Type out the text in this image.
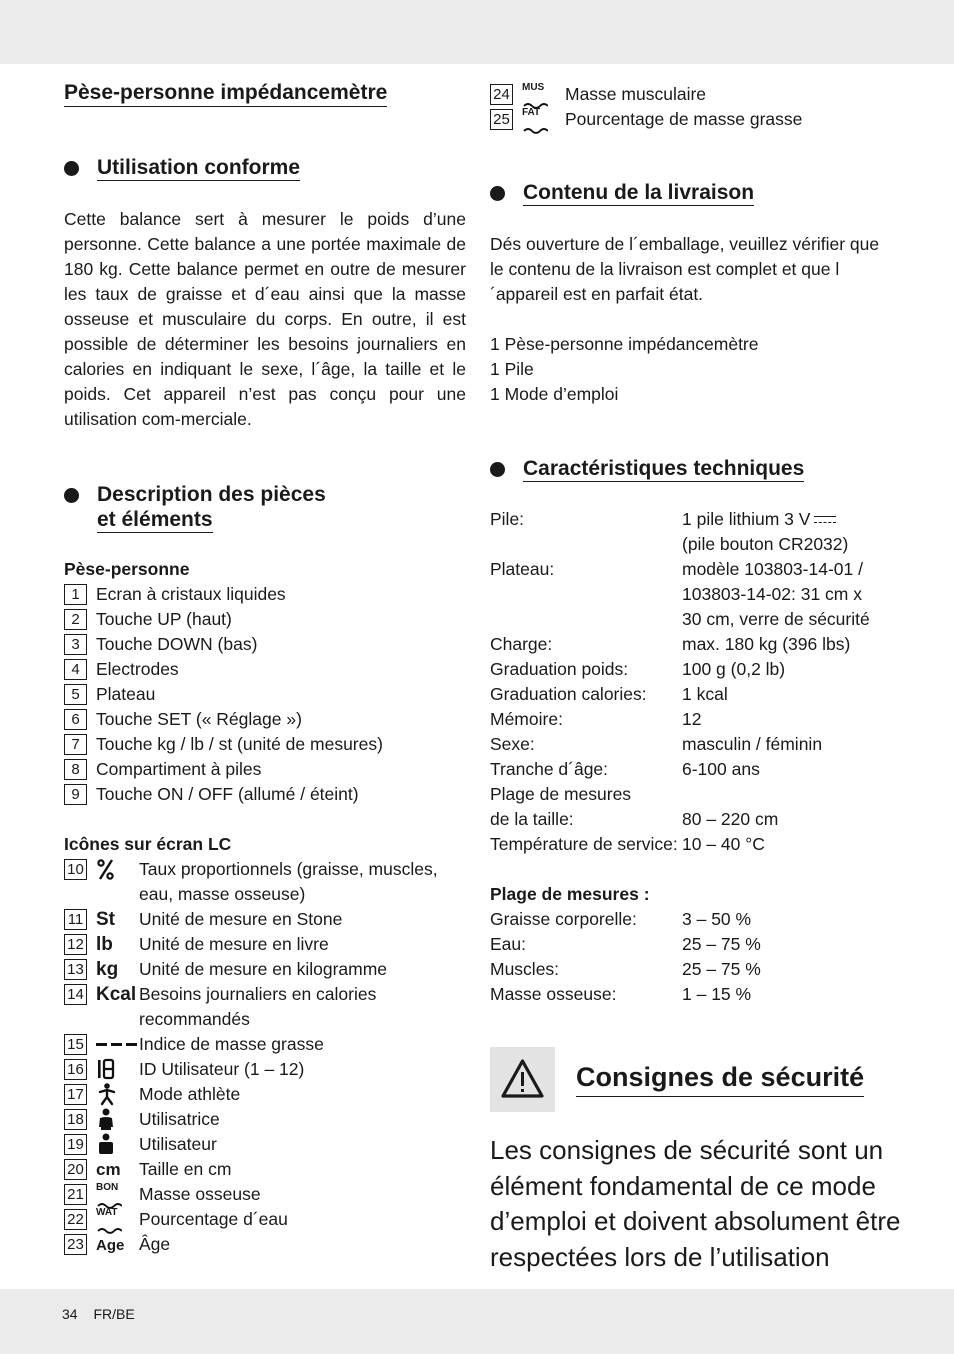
Pèse-personne impédancemètre
Utilisation conforme

Cette balance sert à mesurer le poids d’une personne. Cette balance a une portée maximale de 180 kg. Cette balance permet en outre de mesurer les taux de graisse et d´eau ainsi que la masse osseuse et musculaire du corps. En outre, il est possible de déterminer les besoins journaliers en calories en indiquant le sexe, l´âge, la taille et le poids. Cet appareil n’est pas conçu pour une utilisation com-merciale.

Description des pièces
et éléments
Pèse-personne
1 Ecran à cristaux liquides
2 Touche UP (haut)
3 Touche DOWN (bas)
4 Electrodes
5 Plateau
6 Touche SET (« Réglage »)
7 Touche kg / lb / st (unité de mesures)
8 Compartiment à piles
9 Touche ON / OFF (allumé / éteint)
Icônes sur écran LC
10	Taux proportionnels (graisse, muscles, eau, masse osseuse)
11 St	Unité de mesure en Stone
12 lb	Unité de mesure en livre
13 kg	Unité de mesure en kilogramme
14 Kcal Besoins journaliers en calories recommandés
15	Indice de masse grasse
16	ID Utilisateur (1 – 12)
17	Mode athlète
18	Utilisatrice
19	Utilisateur
20 cm	Taille en cm
21	BON	Masse osseuse
22	WAT	Pourcentage d´eau
23 Age Âge
24	MUS	Masse musculaire
25	FAT	Pourcentage de masse grasse
Contenu de la livraison

Dés ouverture de l´emballage, veuillez vérifier que le contenu de la livraison est complet et que l´appareil est en parfait état.

1 Pèse-personne impédancemètre
1 Pile
1 Mode d’emploi
Caractéristiques techniques
Pile:	1 pile lithium 3 V
(pile bouton CR2032)
Plateau:	modèle 103803-14-01 /
103803-14-02: 31 cm x
30 cm, verre de sécurité
Charge:	max. 180 kg (396 lbs)
Graduation poids:	100 g (0,2 lb)
Graduation calories:	1 kcal
Mémoire:	12
Sexe:	masculin / féminin
Tranche d´âge:	6-100 ans
Plage de mesures
de la taille:	80 – 220 cm
Température de service: 10 – 40 °C
Plage de mesures :
Graisse corporelle:	3 – 50 %
Eau:	25 – 75 %
Muscles:	25 – 75 %
Masse osseuse:	1 – 15 %
Consignes de sécurité
Les consignes de sécurité sont un élément fondamental de ce mode d’emploi et doivent absolument être respectées lors de l’utilisation
34 FR/BE
